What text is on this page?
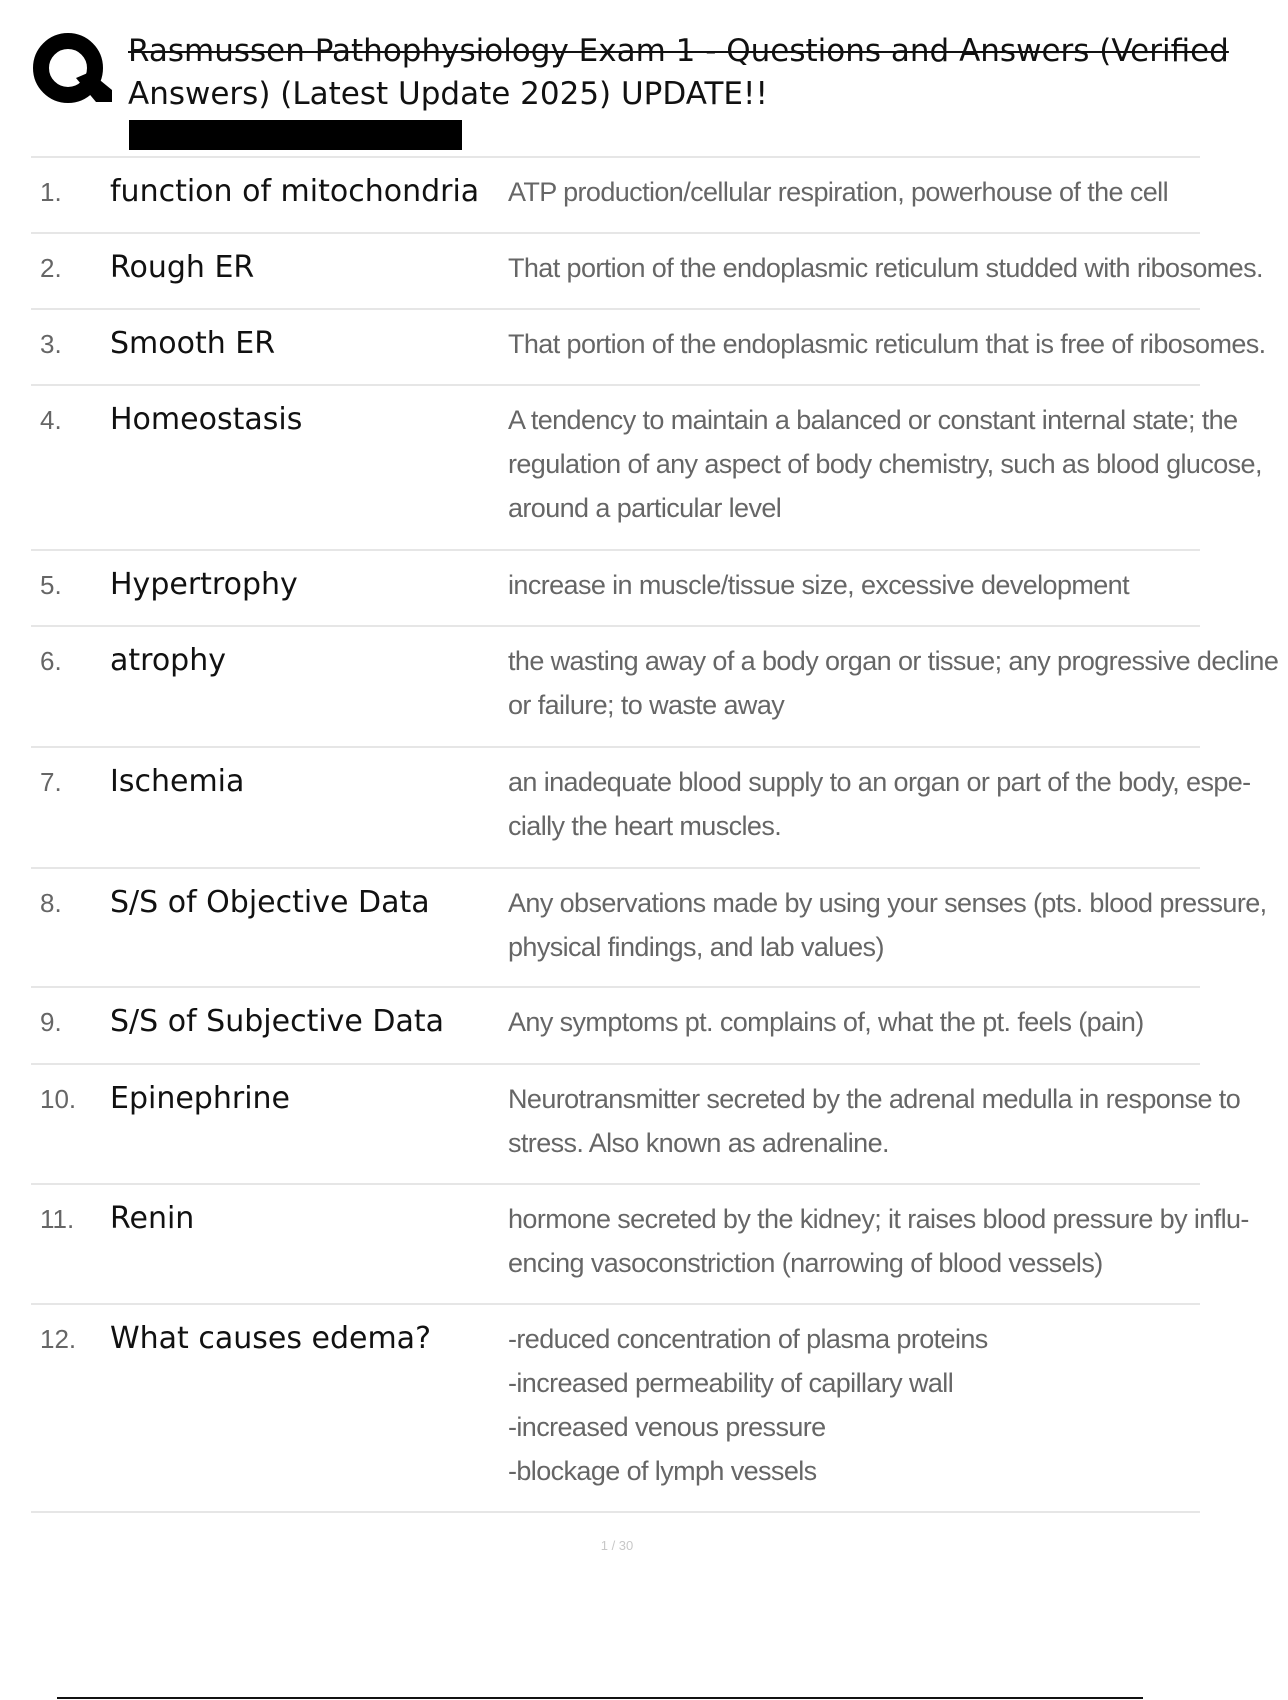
Rasmussen Pathophysiology Exam 1 - Questions and Answers (Verified
Answers) (Latest Update 2025) UPDATE!!
1.	function of mitochondria	ATP production/cellular respiration, powerhouse of the cell
2.	Rough ER	That portion of the endoplasmic reticulum studded with ribosomes.
3.	Smooth ER	That portion of the endoplasmic reticulum that is free of ribosomes.
4.	Homeostasis	A tendency to maintain a balanced or constant internal state; the
regulation of any aspect of body chemistry, such as blood glucose,
around a particular level
5.	Hypertrophy	increase in muscle/tissue size, excessive development
6.	atrophy	the wasting away of a body organ or tissue; any progressive decline
or failure; to waste away
7.	Ischemia	an inadequate blood supply to an organ or part of the body, espe-
cially the heart muscles.
8.	S/S of Objective Data	Any observations made by using your senses (pts. blood pressure,
physical findings, and lab values)
9.	S/S of Subjective Data	Any symptoms pt. complains of, what the pt. feels (pain)
10.	Epinephrine	Neurotransmitter secreted by the adrenal medulla in response to
stress. Also known as adrenaline.
11.	Renin	hormone secreted by the kidney; it raises blood pressure by influ-
encing vasoconstriction (narrowing of blood vessels)
12.	What causes edema?	-reduced concentration of plasma proteins
-increased permeability of capillary wall
-increased venous pressure
-blockage of lymph vessels
1 / 30
